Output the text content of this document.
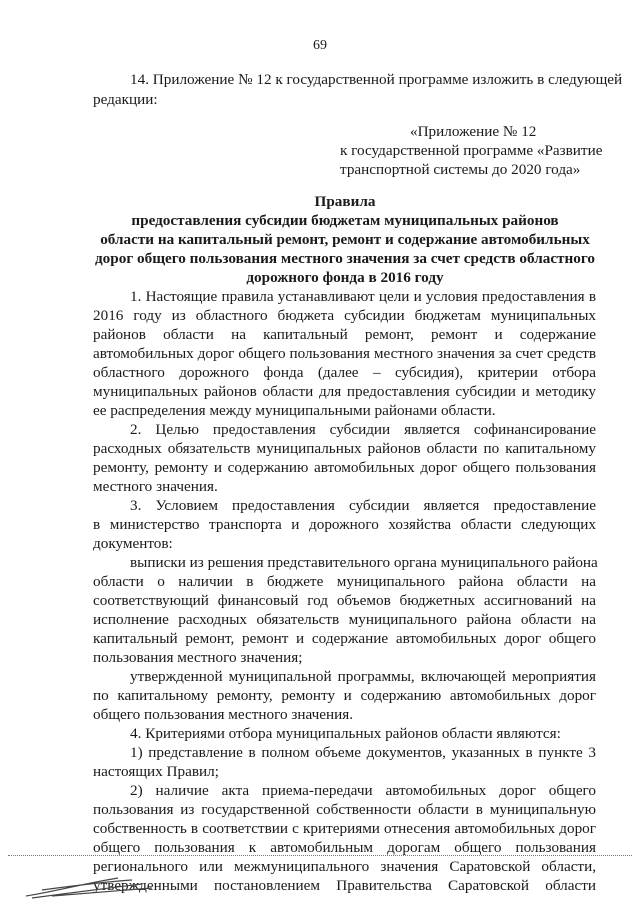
69
14. Приложение № 12 к государственной программе изложить в следующей
редакции:
«Приложение № 12
к государственной программе «Развитие
транспортной системы до 2020 года»
Правила
предоставления субсидии бюджетам муниципальных районов
области на капитальный ремонт, ремонт и содержание автомобильных
дорог общего пользования местного значения за счет средств областного
дорожного фонда в 2016 году
1. Настоящие правила устанавливают цели и условия предоставления в
2016 году из областного бюджета субсидии бюджетам муниципальных
районов области на капитальный ремонт, ремонт и содержание
автомобильных дорог общего пользования местного значения за счет средств
областного дорожного фонда (далее – субсидия), критерии отбора
муниципальных районов области для предоставления субсидии и методику
ее распределения между муниципальными районами области.
2. Целью предоставления субсидии является софинансирование
расходных обязательств муниципальных районов области по капитальному
ремонту, ремонту и содержанию автомобильных дорог общего пользования
местного значения.
3. Условием предоставления субсидии является предоставление
в министерство транспорта и дорожного хозяйства области следующих
документов:
выписки из решения представительного органа муниципального района
области о наличии в бюджете муниципального района области на
соответствующий финансовый год объемов бюджетных ассигнований на
исполнение расходных обязательств муниципального района области на
капитальный ремонт, ремонт и содержание автомобильных дорог общего
пользования местного значения;
утвержденной муниципальной программы, включающей мероприятия
по капитальному ремонту, ремонту и содержанию автомобильных дорог
общего пользования местного значения.
4. Критериями отбора муниципальных районов области являются:
1) представление в полном объеме документов, указанных в пункте 3
настоящих Правил;
2) наличие акта приема-передачи автомобильных дорог общего
пользования из государственной собственности области в муниципальную
собственность в соответствии с критериями отнесения автомобильных дорог
общего пользования к автомобильным дорогам общего пользования
регионального или межмуниципального значения Саратовской области,
утвержденными постановлением Правительства Саратовской области
